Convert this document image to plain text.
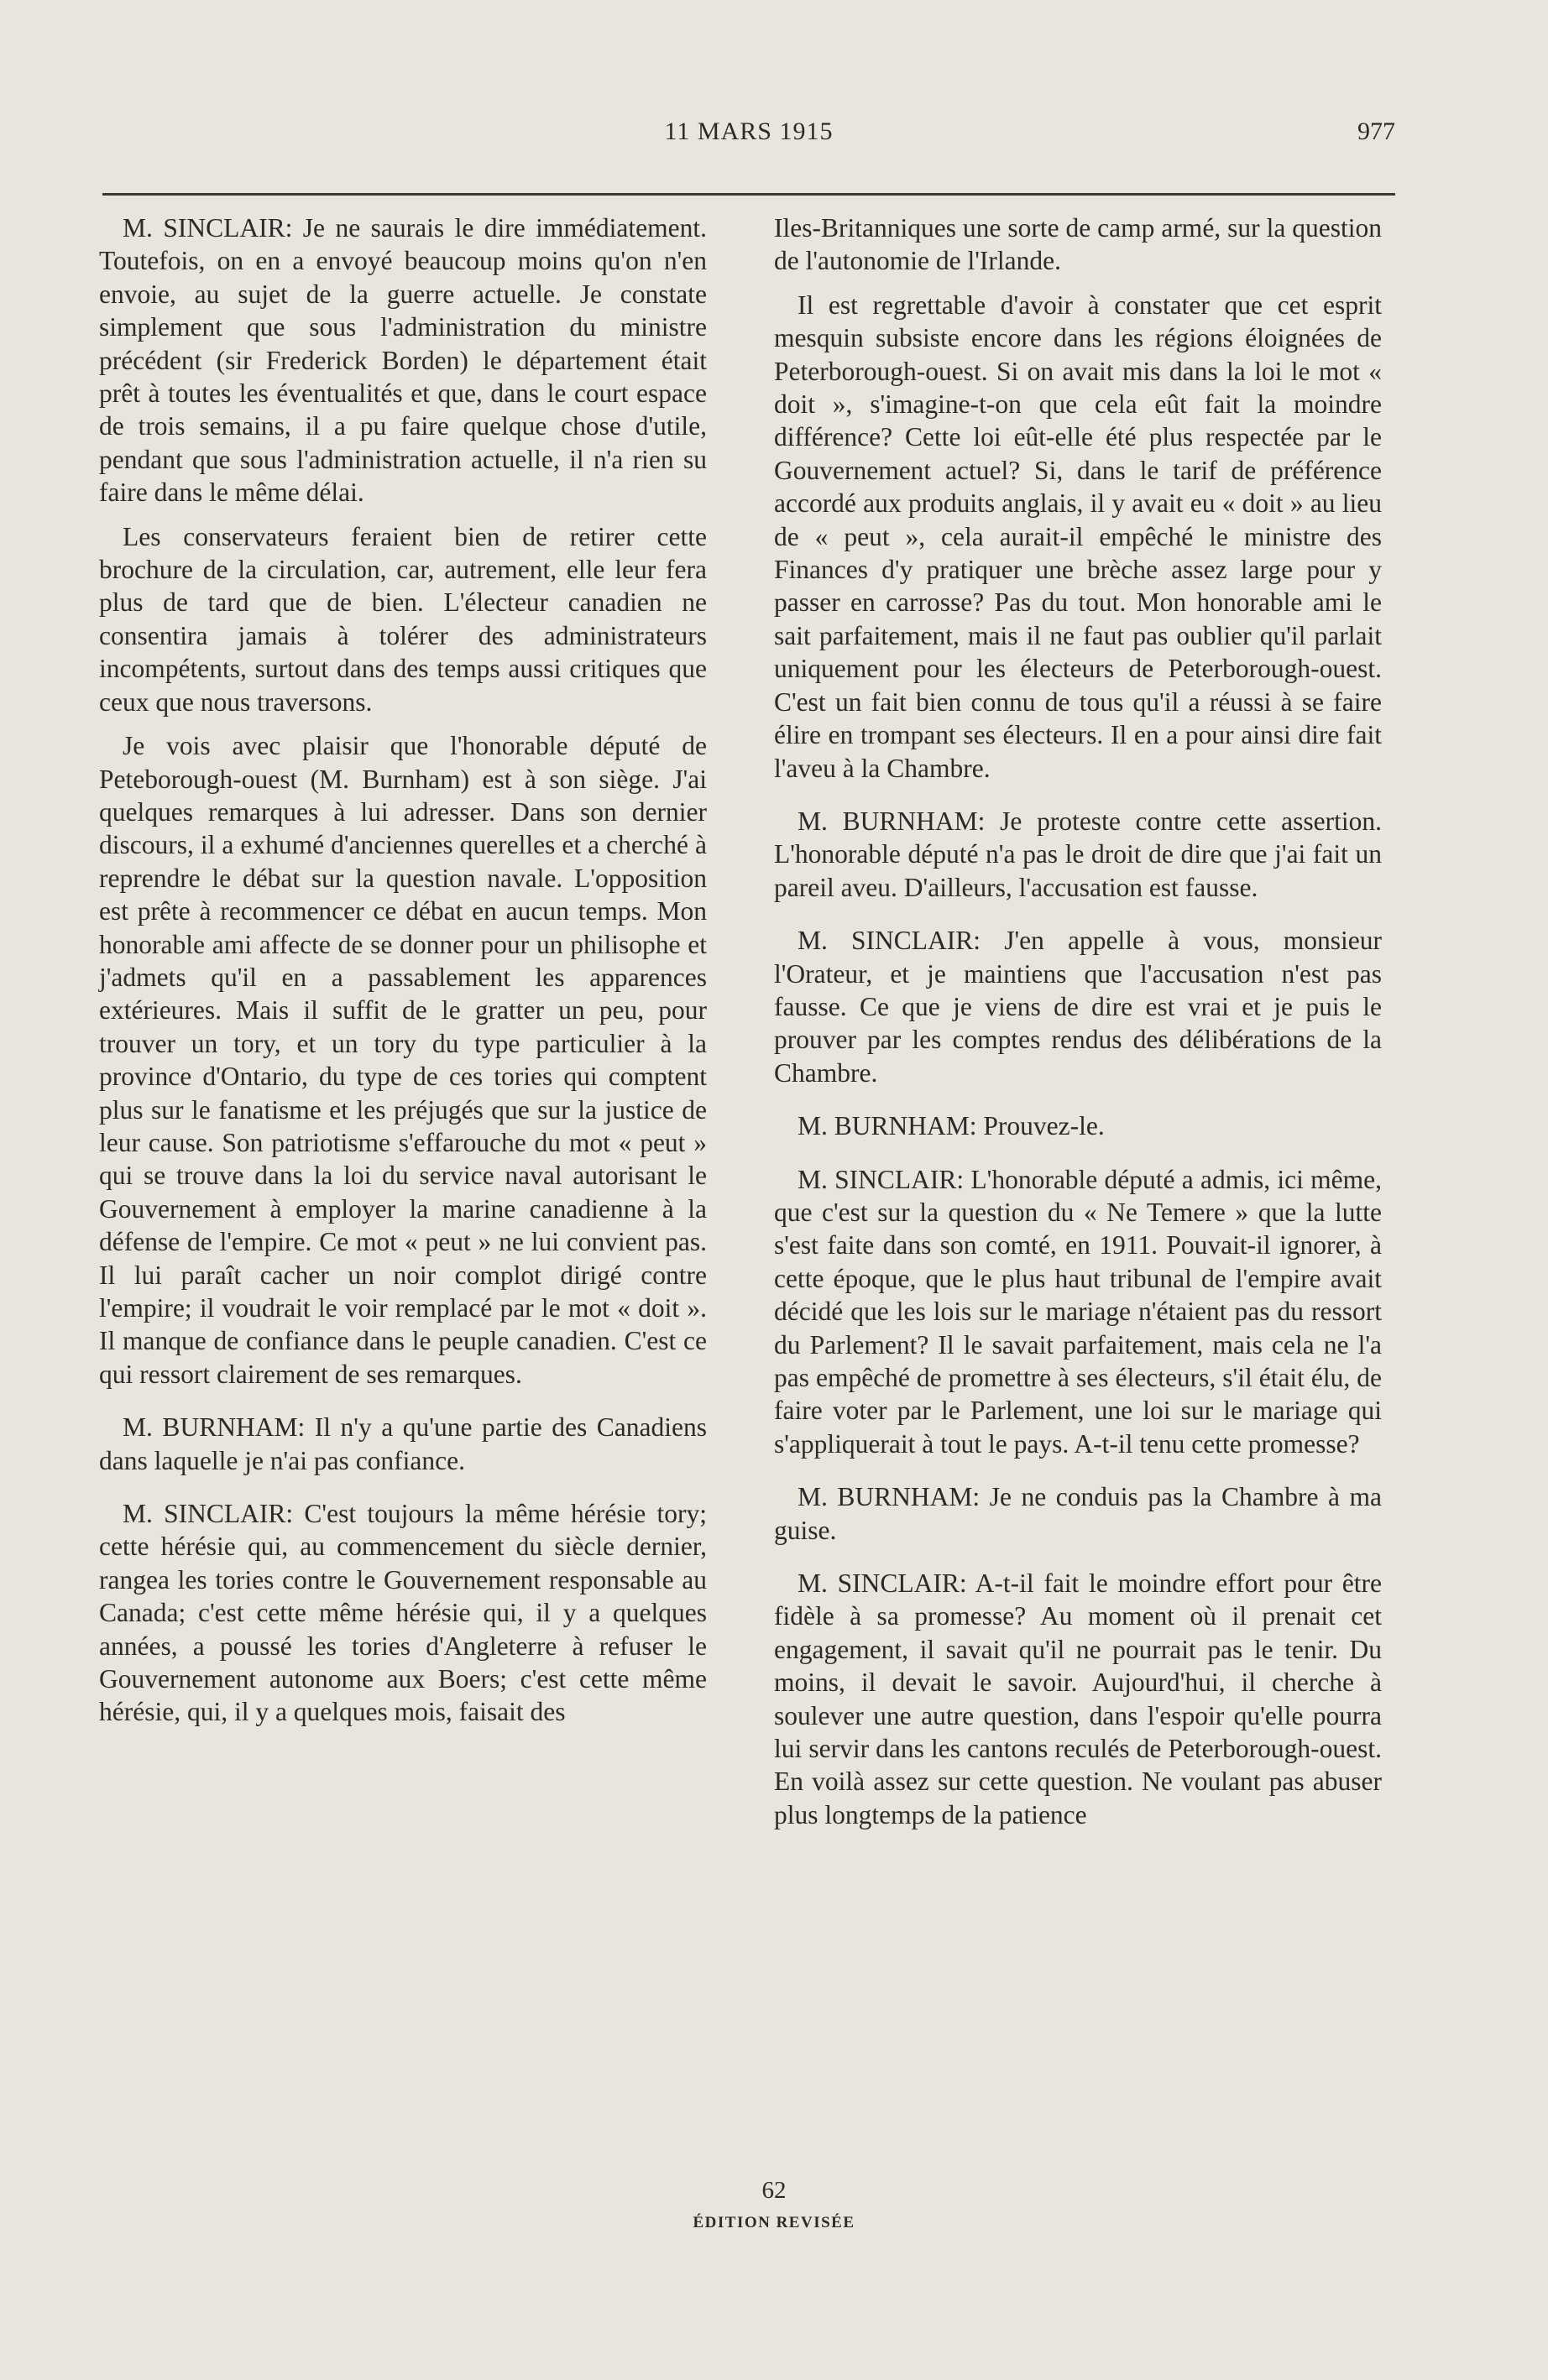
11 MARS 1915	977

M. SINCLAIR: Je ne saurais le dire immédiatement. Toutefois, on en a envoyé beaucoup moins qu'on n'en envoie, au sujet de la guerre actuelle. Je constate simplement que sous l'administration du ministre précédent (sir Frederick Borden) le département était prêt à toutes les éventualités et que, dans le court espace de trois semains, il a pu faire quelque chose d'utile, pendant que sous l'administration actuelle, il n'a rien su faire dans le même délai.

Les conservateurs feraient bien de retirer cette brochure de la circulation, car, autrement, elle leur fera plus de tard que de bien. L'électeur canadien ne consentira jamais à tolérer des administrateurs incompétents, surtout dans des temps aussi critiques que ceux que nous traversons.

Je vois avec plaisir que l'honorable député de Peteborough-ouest (M. Burnham) est à son siège. J'ai quelques remarques à lui adresser. Dans son dernier discours, il a exhumé d'anciennes querelles et a cherché à reprendre le débat sur la question navale. L'opposition est prête à recommencer ce débat en aucun temps. Mon honorable ami affecte de se donner pour un philisophe et j'admets qu'il en a passablement les apparences extérieures. Mais il suffit de le gratter un peu, pour trouver un tory, et un tory du type particulier à la province d'Ontario, du type de ces tories qui comptent plus sur le fanatisme et les préjugés que sur la justice de leur cause. Son patriotisme s'effarouche du mot « peut » qui se trouve dans la loi du service naval autorisant le Gouvernement à employer la marine canadienne à la défense de l'empire. Ce mot « peut » ne lui convient pas. Il lui paraît cacher un noir complot dirigé contre l'empire; il voudrait le voir remplacé par le mot « doit ». Il manque de confiance dans le peuple canadien. C'est ce qui ressort clairement de ses remarques.

M. BURNHAM: Il n'y a qu'une partie des Canadiens dans laquelle je n'ai pas confiance.

M. SINCLAIR: C'est toujours la même hérésie tory; cette hérésie qui, au commencement du siècle dernier, rangea les tories contre le Gouvernement responsable au Canada; c'est cette même hérésie qui, il y a quelques années, a poussé les tories d'Angleterre à refuser le Gouvernement autonome aux Boers; c'est cette même hérésie, qui, il y a quelques mois, faisait des

Iles-Britanniques une sorte de camp armé, sur la question de l'autonomie de l'Irlande.

Il est regrettable d'avoir à constater que cet esprit mesquin subsiste encore dans les régions éloignées de Peterborough-ouest. Si on avait mis dans la loi le mot « doit », s'imagine-t-on que cela eût fait la moindre différence? Cette loi eût-elle été plus respectée par le Gouvernement actuel? Si, dans le tarif de préférence accordé aux produits anglais, il y avait eu « doit » au lieu de « peut », cela aurait-il empêché le ministre des Finances d'y pratiquer une brèche assez large pour y passer en carrosse? Pas du tout. Mon honorable ami le sait parfaitement, mais il ne faut pas oublier qu'il parlait uniquement pour les électeurs de Peterborough-ouest. C'est un fait bien connu de tous qu'il a réussi à se faire élire en trompant ses électeurs. Il en a pour ainsi dire fait l'aveu à la Chambre.

M. BURNHAM: Je proteste contre cette assertion. L'honorable député n'a pas le droit de dire que j'ai fait un pareil aveu. D'ailleurs, l'accusation est fausse.

M. SINCLAIR: J'en appelle à vous, monsieur l'Orateur, et je maintiens que l'accusation n'est pas fausse. Ce que je viens de dire est vrai et je puis le prouver par les comptes rendus des délibérations de la Chambre.

M. BURNHAM: Prouvez-le.

M. SINCLAIR: L'honorable député a admis, ici même, que c'est sur la question du « Ne Temere » que la lutte s'est faite dans son comté, en 1911. Pouvait-il ignorer, à cette époque, que le plus haut tribunal de l'empire avait décidé que les lois sur le mariage n'étaient pas du ressort du Parlement? Il le savait parfaitement, mais cela ne l'a pas empêché de promettre à ses électeurs, s'il était élu, de faire voter par le Parlement, une loi sur le mariage qui s'appliquerait à tout le pays. A-t-il tenu cette promesse?

M. BURNHAM: Je ne conduis pas la Chambre à ma guise.

M. SINCLAIR: A-t-il fait le moindre effort pour être fidèle à sa promesse? Au moment où il prenait cet engagement, il savait qu'il ne pourrait pas le tenir. Du moins, il devait le savoir. Aujourd'hui, il cherche à soulever une autre question, dans l'espoir qu'elle pourra lui servir dans les cantons reculés de Peterborough-ouest. En voilà assez sur cette question. Ne voulant pas abuser plus longtemps de la patience

62
ÉDITION REVISÉE
